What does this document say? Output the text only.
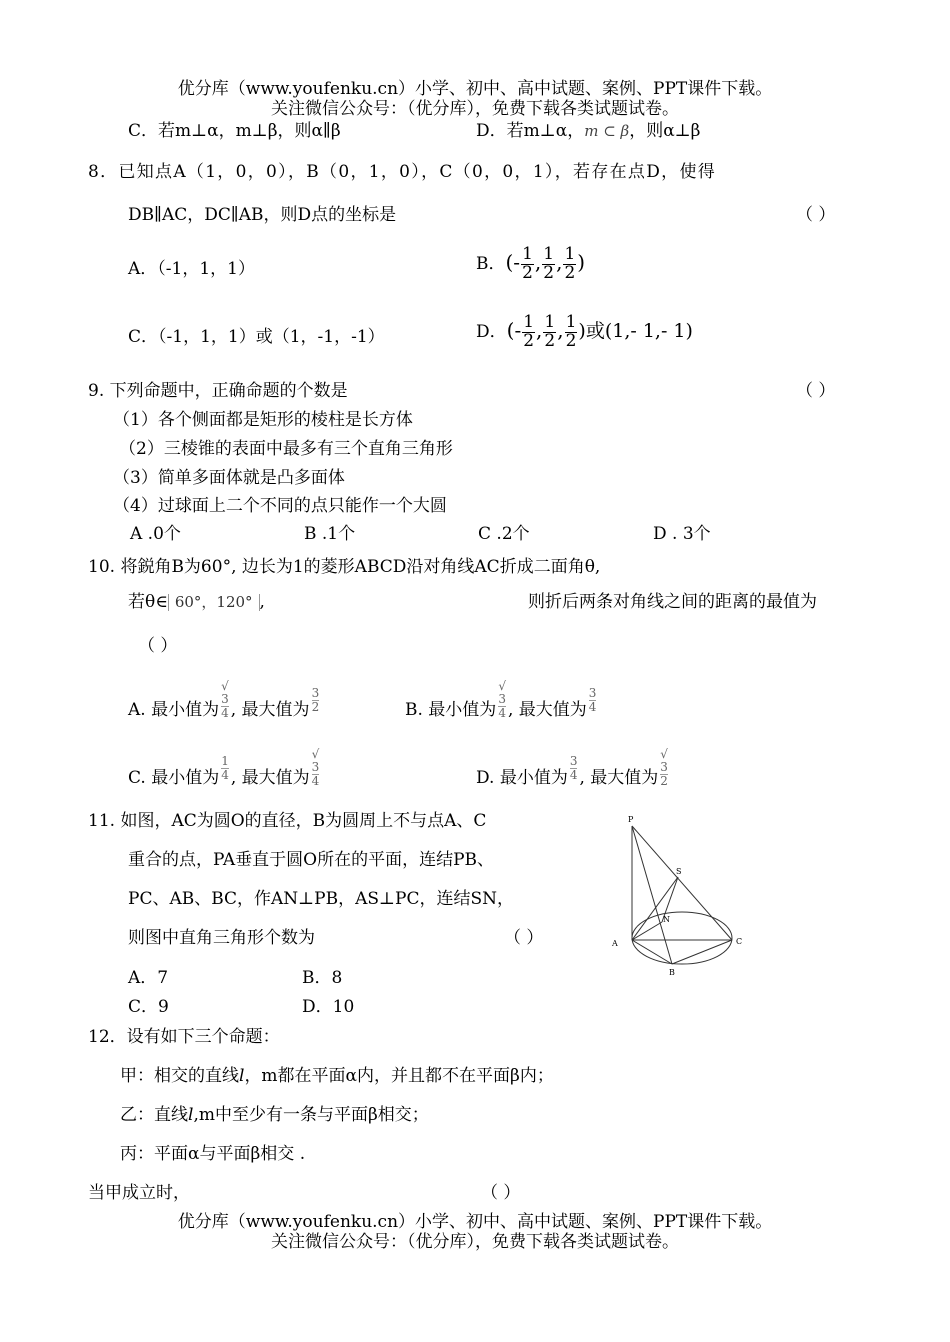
优分库（www.youfenku.cn）小学、初中、高中试题、案例、PPT课件下载。
关注微信公众号：（优分库），免费下载各类试题试卷。
C．若m⊥α，m⊥β，则α∥β	D．若m⊥α，m ⊂ β，则α⊥β
8．已知点A（1，0，0），B（0，1，0），C（0，0，1），若存在点D，使得
DB∥AC，DC∥AB，则D点的坐标是	（ ）
A．（-1，1，1）	B．(- $\frac{1}{2}$ , $\frac{1}{2}$ , $\frac{1}{2}$ )
C．（-1，1，1）或（1，-1，-1）	D．(- $\frac{1}{2}$ , $\frac{1}{2}$ , $\frac{1}{2}$ )或(1,- 1,- 1)
9. 下列命题中，正确命题的个数是	（ ）
（1）各个侧面都是矩形的棱柱是长方体
（2）三棱锥的表面中最多有三个直角三角形
（3）简单多面体就是凸多面体
（4）过球面上二个不同的点只能作一个大圆
A .0个	B .1个	C .2个	D . 3个
10. 将鋭角B为60°, 边长为1的菱形ABCD沿对角线AC折成二面角θ,
若θ∈ 60°，120° ,	则折后两条对角线之间的距离的最值为
（ ）
A. 最小值为
√ $\frac{3}{4}$ , 最大值为 $\frac{3}{2}$	B. 最小值为
√ $\frac{3}{4}$ , 最大值为 $\frac{3}{4}$
C. 最小值为 $\frac{1}{4}$ , 最大值为
√ $\frac{3}{4}$	D. 最小值为 $\frac{3}{4}$ , 最大值为
√ $\frac{3}{2}$
11. 如图，AC为圆O的直径，B为圆周上不与点A、C
重合的点，PA垂直于圆O所在的平面，连结PB、
PC、AB、BC，作AN⊥PB，AS⊥PC，连结SN，
则图中直角三角形个数为	（ ）
A．7	B．8
C．9	D．10
P
S
N
A	C
B
12．设有如下三个命题：
甲：相交的直线l，m都在平面α内，并且都不在平面β内；
乙：直线l,m中至少有一条与平面β相交；
丙：平面α与平面β相交 .
当甲成立时，	（ ）
优分库（www.youfenku.cn）小学、初中、高中试题、案例、PPT课件下载。
关注微信公众号：（优分库），免费下载各类试题试卷。
